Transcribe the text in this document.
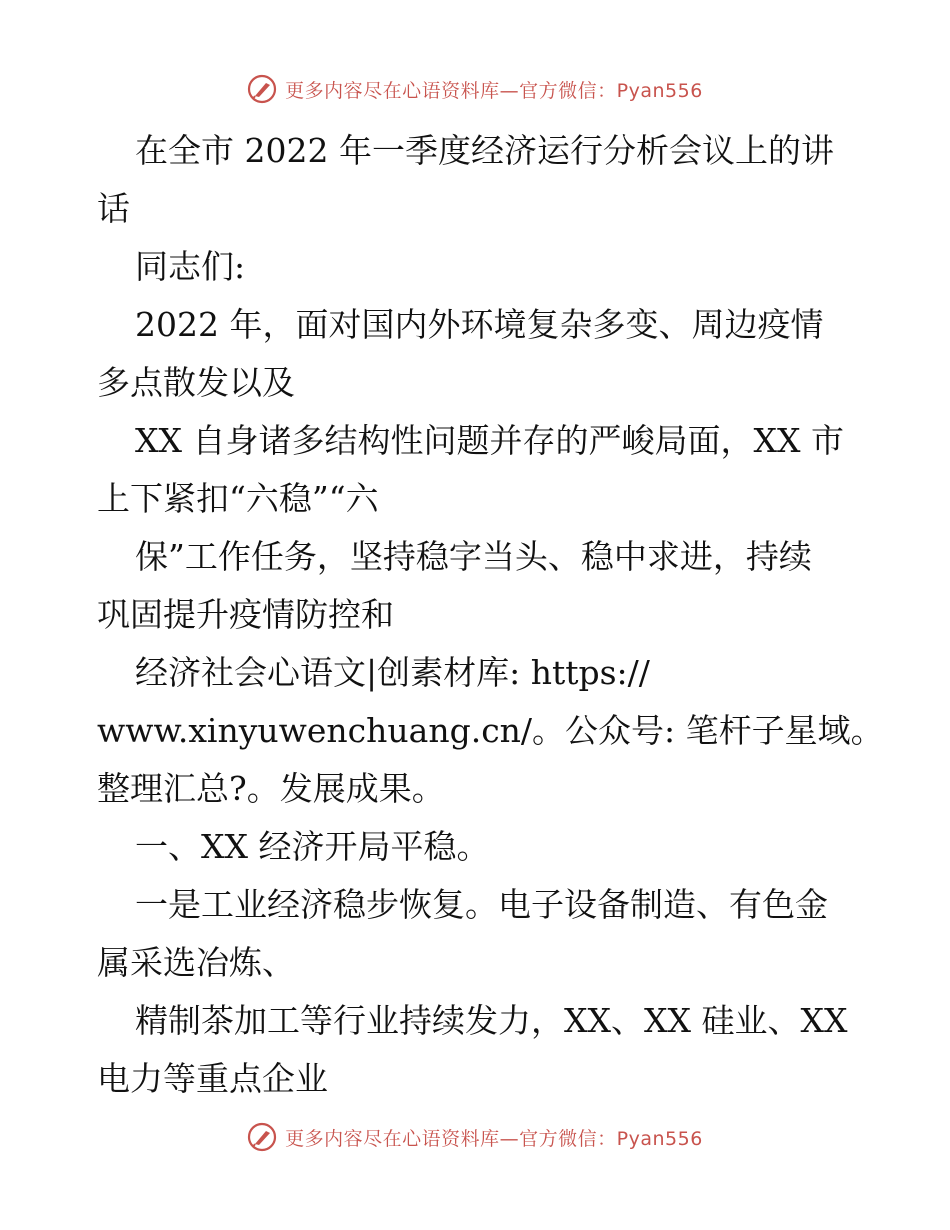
更多内容尽在心语资料库—官方微信：Pyan556
在全市 2022 年一季度经济运行分析会议上的讲
话
同志们:
2022 年，面对国内外环境复杂多变、周边疫情
多点散发以及
XX 自身诸多结构性问题并存的严峻局面，XX 市
上下紧扣“六稳”“六
保”工作任务，坚持稳字当头、稳中求进，持续
巩固提升疫情防控和
经济社会心语文|创素材库: https://
www.xinyuwenchuang.cn/。公众号: 笔杆子星域。
整理汇总?。发展成果。
一、XX 经济开局平稳。
一是工业经济稳步恢复。电子设备制造、有色金
属采选冶炼、
精制茶加工等行业持续发力，XX、XX 硅业、XX
电力等重点企业
更多内容尽在心语资料库—官方微信：Pyan556
